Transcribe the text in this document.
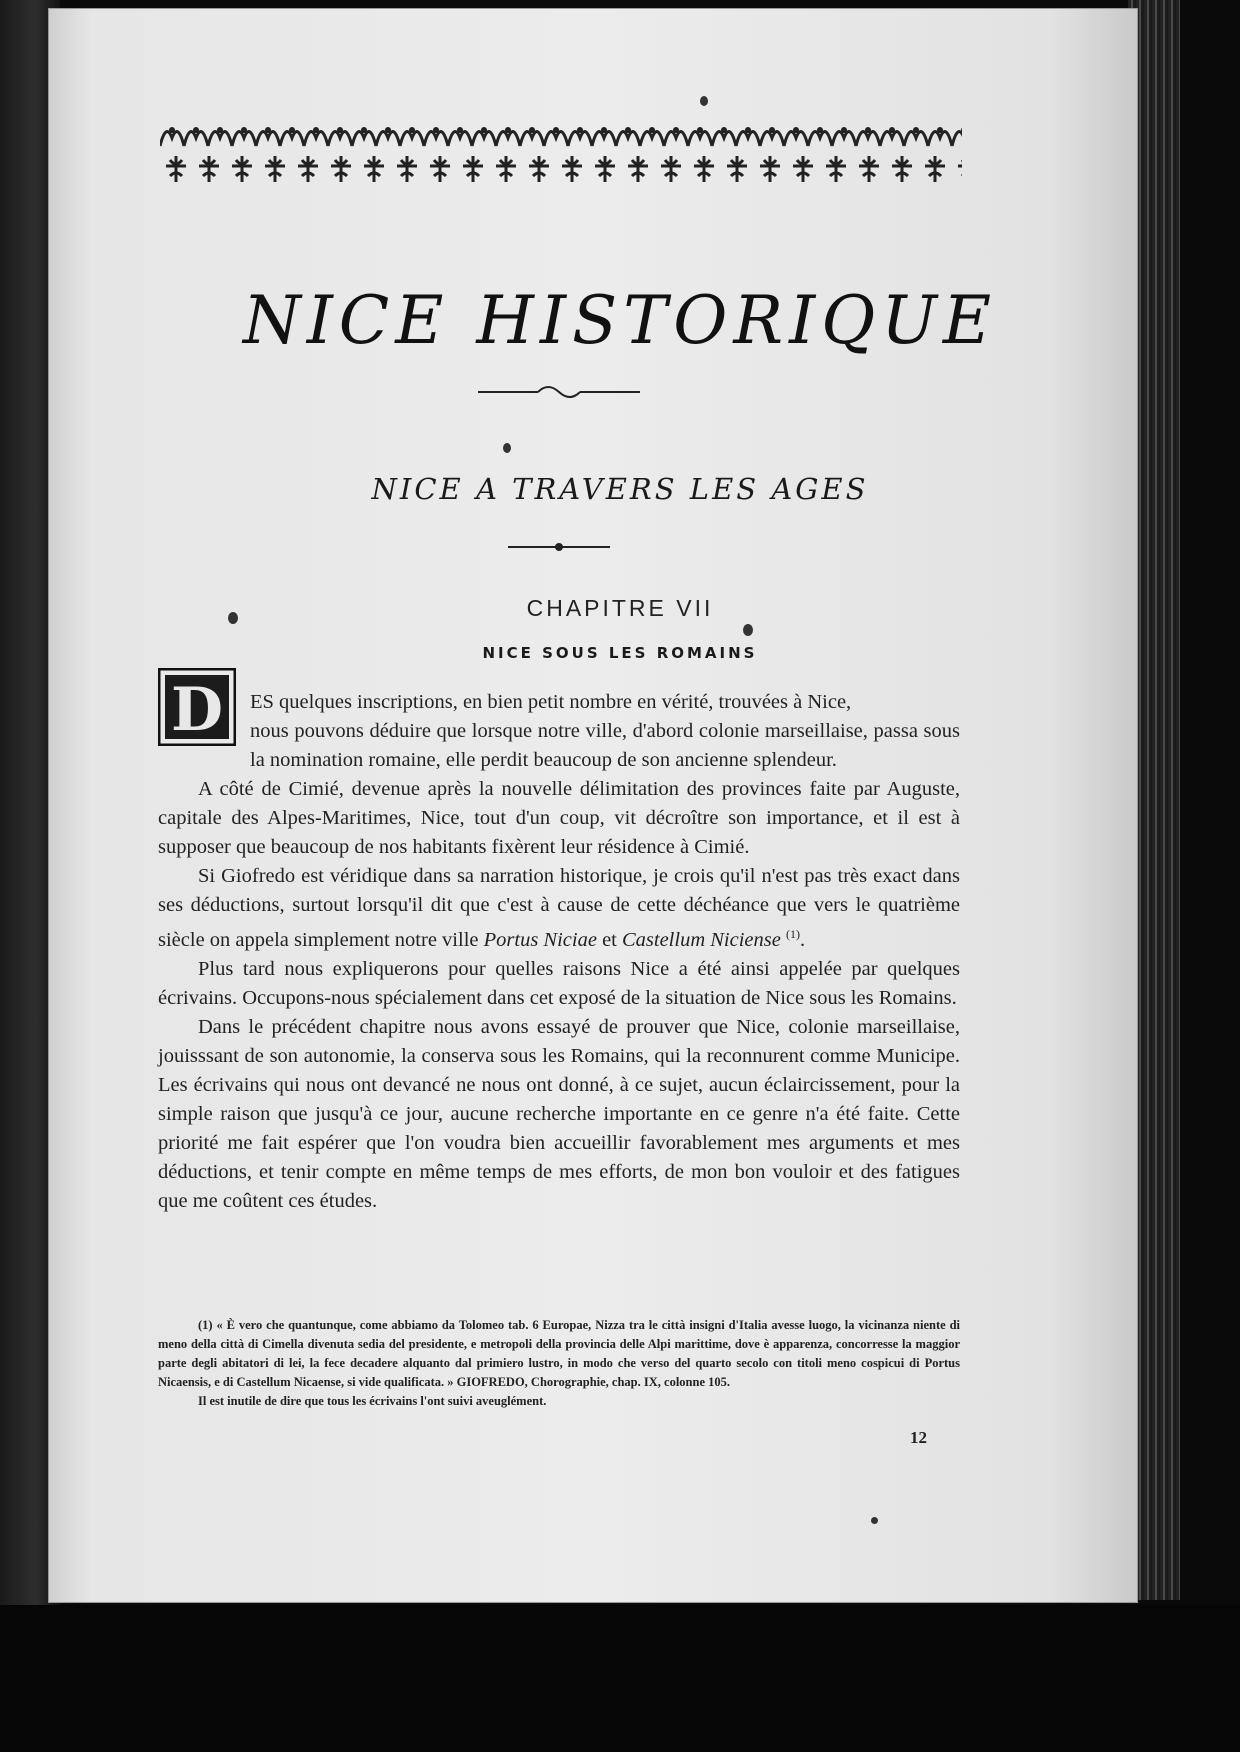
NICE HISTORIQUE
NICE A TRAVERS LES AGES
CHAPITRE VII
NICE SOUS LES ROMAINS
D	ES quelques inscriptions, en bien petit nombre en vérité, trouvées à Nice,

nous pouvons déduire que lorsque notre ville, d'abord colonie marseillaise, passa sous la nomination romaine, elle perdit beaucoup de son ancienne splendeur.

A côté de Cimié, devenue après la nouvelle délimitation des provinces faite par Auguste, capitale des Alpes-Maritimes, Nice, tout d'un coup, vit décroître son importance, et il est à supposer que beaucoup de nos habitants fixèrent leur résidence à Cimié.

Si Giofredo est véridique dans sa narration historique, je crois qu'il n'est pas très exact dans ses déductions, surtout lorsqu'il dit que c'est à cause de cette déchéance que vers le quatrième siècle on appela simplement notre ville Portus Niciae et Castellum Niciense $^{(1)}$.

Plus tard nous expliquerons pour quelles raisons Nice a été ainsi appelée par quelques écrivains. Occupons-nous spécialement dans cet exposé de la situation de Nice sous les Romains.

Dans le précédent chapitre nous avons essayé de prouver que Nice, colonie marseillaise, jouisssant de son autonomie, la conserva sous les Romains, qui la reconnurent comme Municipe. Les écrivains qui nous ont devancé ne nous ont donné, à ce sujet, aucun éclaircissement, pour la simple raison que jusqu'à ce jour, aucune recherche importante en ce genre n'a été faite. Cette priorité me fait espérer que l'on voudra bien accueillir favorablement mes arguments et mes déductions, et tenir compte en même temps de mes efforts, de mon bon vouloir et des fatigues que me coûtent ces études.

(1) « È vero che quantunque, come abbiamo da Tolomeo tab. 6 Europae, Nizza tra le città insigni d'Italia avesse luogo, la vicinanza niente di meno della città di Cimella divenuta sedia del presidente, e metropoli della provincia delle Alpi marittime, dove è apparenza, concorresse la maggior parte degli abitatori di lei, la fece decadere alquanto dal primiero lustro, in modo che verso del quarto secolo con titoli meno cospicui di Portus Nicaensis, e di Castellum Nicaense, si vide qualificata. » GIOFREDO, Chorographie, chap. IX, colonne 105.

Il est inutile de dire que tous les écrivains l'ont suivi aveuglément.

12
